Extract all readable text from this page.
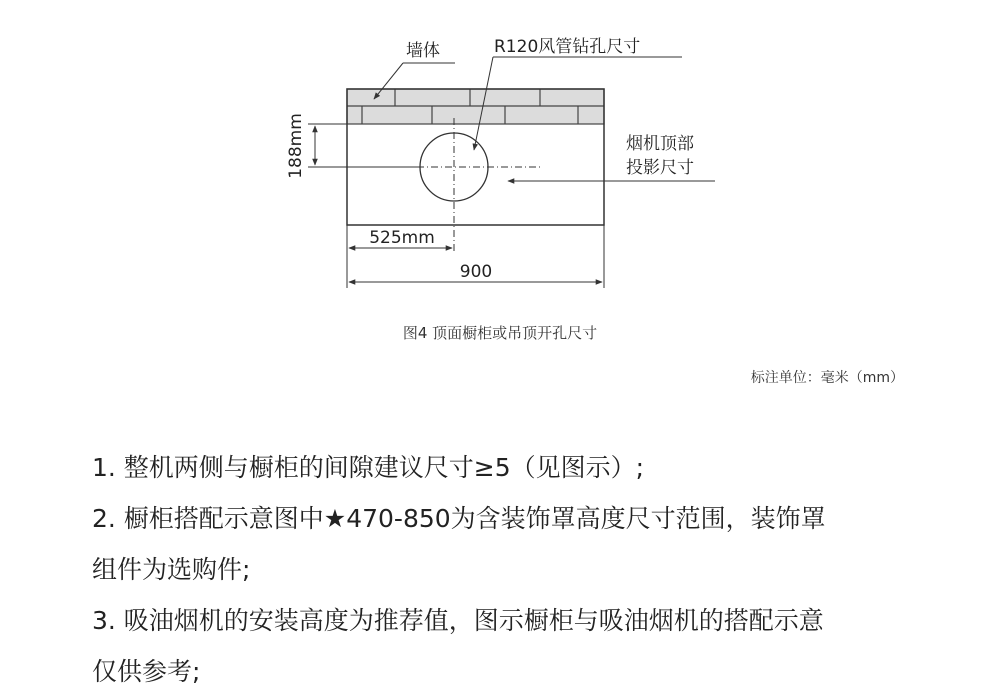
墙体	R120风管钻孔尺寸
烟机顶部
投影尺寸
188mm
525mm
900
图4 顶面橱柜或吊顶开孔尺寸
标注单位：毫米（mm）

1. 整机两侧与橱柜的间隙建议尺寸≥5（见图示）;

2. 橱柜搭配示意图中★470-850为含装饰罩高度尺寸范围，装饰罩

组件为选购件;

3. 吸油烟机的安装高度为推荐值，图示橱柜与吸油烟机的搭配示意

仅供参考;
